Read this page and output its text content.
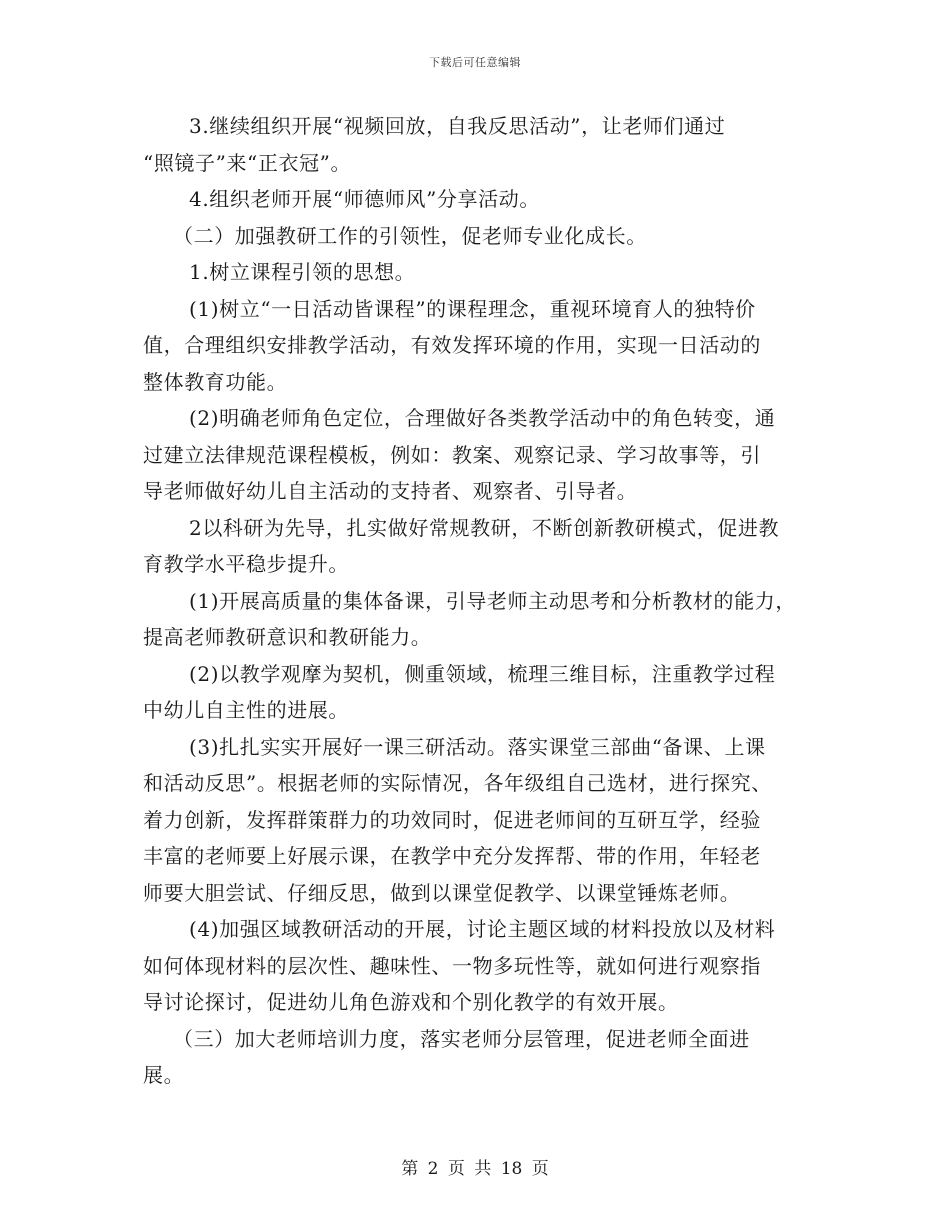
下载后可任意编辑
3.继续组织开展“视频回放，自我反思活动”，让老师们通过
“照镜子”来“正衣冠”。
4.组织老师开展“师德师风”分享活动。
（二）加强教研工作的引领性，促老师专业化成长。
1.树立课程引领的思想。
(1)树立“一日活动皆课程”的课程理念，重视环境育人的独特价
值，合理组织安排教学活动，有效发挥环境的作用，实现一日活动的
整体教育功能。
(2)明确老师角色定位，合理做好各类教学活动中的角色转变，通
过建立法律规范课程模板，例如：教案、观察记录、学习故事等，引
导老师做好幼儿自主活动的支持者、观察者、引导者。
2以科研为先导，扎实做好常规教研，不断创新教研模式，促进教
育教学水平稳步提升。
(1)开展高质量的集体备课，引导老师主动思考和分析教材的能力，
提高老师教研意识和教研能力。
(2)以教学观摩为契机，侧重领域，梳理三维目标，注重教学过程
中幼儿自主性的进展。
(3)扎扎实实开展好一课三研活动。落实课堂三部曲“备课、上课
和活动反思”。根据老师的实际情况，各年级组自己选材，进行探究、
着力创新，发挥群策群力的功效同时，促进老师间的互研互学，经验
丰富的老师要上好展示课，在教学中充分发挥帮、带的作用，年轻老
师要大胆尝试、仔细反思，做到以课堂促教学、以课堂锤炼老师。
(4)加强区域教研活动的开展，讨论主题区域的材料投放以及材料
如何体现材料的层次性、趣味性、一物多玩性等，就如何进行观察指
导讨论探讨，促进幼儿角色游戏和个别化教学的有效开展。
（三）加大老师培训力度，落实老师分层管理，促进老师全面进
展。
第 2 页 共 18 页
